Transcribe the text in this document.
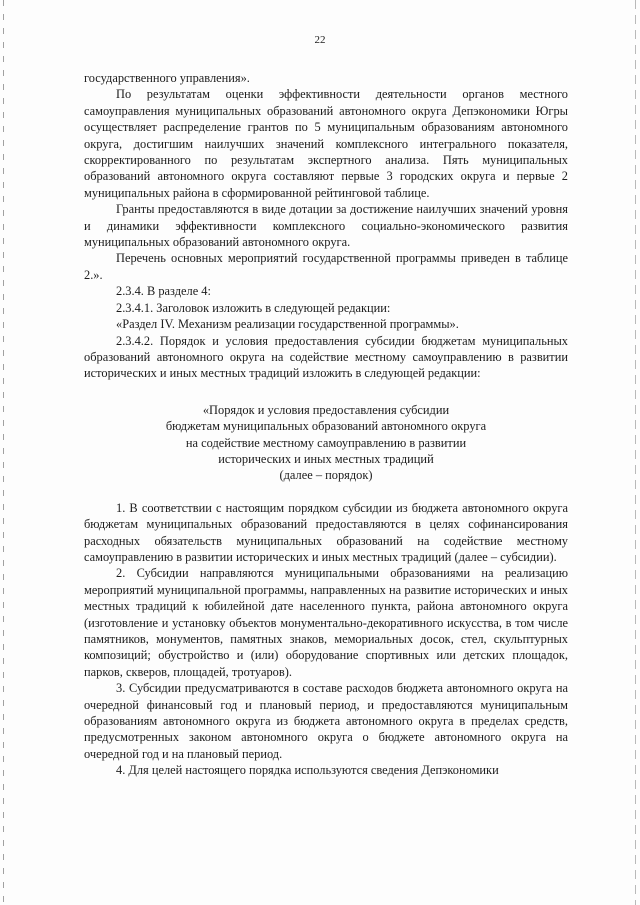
22

государственного управления».

По результатам оценки эффективности деятельности органов местного самоуправления муниципальных образований автономного округа Депэкономики Югры осуществляет распределение грантов по 5 муниципальным образованиям автономного округа, достигшим наилучших значений комплексного интегрального показателя, скорректированного по результатам экспертного анализа. Пять муниципальных образований автономного округа составляют первые 3 городских округа и первые 2 муниципальных района в сформированной рейтинговой таблице.

Гранты предоставляются в виде дотации за достижение наилучших значений уровня и динамики эффективности комплексного социально-экономического развития муниципальных образований автономного округа.

Перечень основных мероприятий государственной программы приведен в таблице 2.».

2.3.4. В разделе 4:

2.3.4.1. Заголовок изложить в следующей редакции:

«Раздел IV. Механизм реализации государственной программы».

2.3.4.2. Порядок и условия предоставления субсидии бюджетам муниципальных образований автономного округа на содействие местному самоуправлению в развитии исторических и иных местных традиций изложить в следующей редакции:

«Порядок и условия предоставления субсидии
бюджетам муниципальных образований автономного округа
на содействие местному самоуправлению в развитии
исторических и иных местных традиций
(далее – порядок)

1. В соответствии с настоящим порядком субсидии из бюджета автономного округа бюджетам муниципальных образований предоставляются в целях софинансирования расходных обязательств муниципальных образований на содействие местному самоуправлению в развитии исторических и иных местных традиций (далее – субсидии).

2. Субсидии направляются муниципальными образованиями на реализацию мероприятий муниципальной программы, направленных на развитие исторических и иных местных традиций к юбилейной дате населенного пункта, района автономного округа (изготовление и установку объектов монументально-декоративного искусства, в том числе памятников, монументов, памятных знаков, мемориальных досок, стел, скульптурных композиций; обустройство и (или) оборудование спортивных или детских площадок, парков, скверов, площадей, тротуаров).

3. Субсидии предусматриваются в составе расходов бюджета автономного округа на очередной финансовый год и плановый период, и предоставляются муниципальным образованиям автономного округа из бюджета автономного округа в пределах средств, предусмотренных законом автономного округа о бюджете автономного округа на очередной год и на плановый период.

4. Для целей настоящего порядка используются сведения Депэкономики
